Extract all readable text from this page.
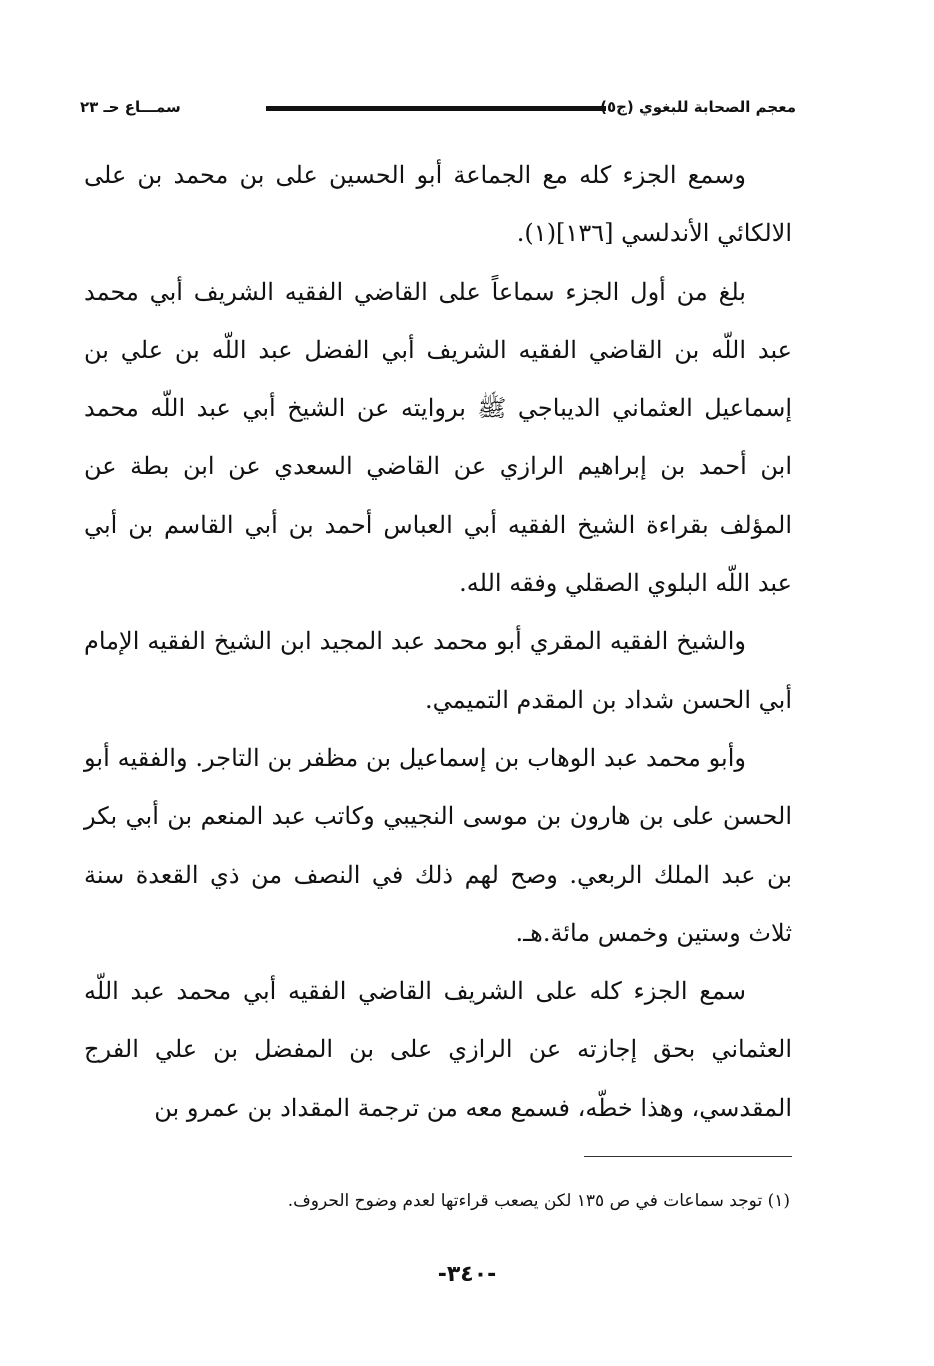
معجم الصحابة للبغوي (ج٥
سمـــاع حـ ٢٣

وسمع الجزء كله مع الجماعة أبو الحسين على بن محمد بن على الالكائي الأندلسي [١٣٦](١).

بلغ من أول الجزء سماعاً على القاضي الفقيه الشريف أبي محمد عبد اللّه بن القاضي الفقيه الشريف أبي الفضل عبد اللّه بن علي بن إسماعيل العثماني الديباجي ﷺ بروايته عن الشيخ أبي عبد اللّه محمد ابن أحمد بن إبراهيم الرازي عن القاضي السعدي عن ابن بطة عن المؤلف بقراءة الشيخ الفقيه أبي العباس أحمد بن أبي القاسم بن أبي عبد اللّه البلوي الصقلي وفقه الله.

والشيخ الفقيه المقري أبو محمد عبد المجيد ابن الشيخ الفقيه الإمام أبي الحسن شداد بن المقدم التميمي.

وأبو محمد عبد الوهاب بن إسماعيل بن مظفر بن التاجر. والفقيه أبو الحسن على بن هارون بن موسى النجيبي وكاتب عبد المنعم بن أبي بكر بن عبد الملك الربعي. وصح لهم ذلك في النصف من ذي القعدة سنة ثلاث وستين وخمس مائة.هـ.

سمع الجزء كله على الشريف القاضي الفقيه أبي محمد عبد اللّه العثماني بحق إجازته عن الرازي على بن المفضل بن علي الفرج المقدسي، وهذا خطّه، فسمع معه من ترجمة المقداد بن عمرو بن

(١) توجد سماعات في ص ١٣٥ لكن يصعب قراءتها لعدم وضوح الحروف.
-٣٤٠-
